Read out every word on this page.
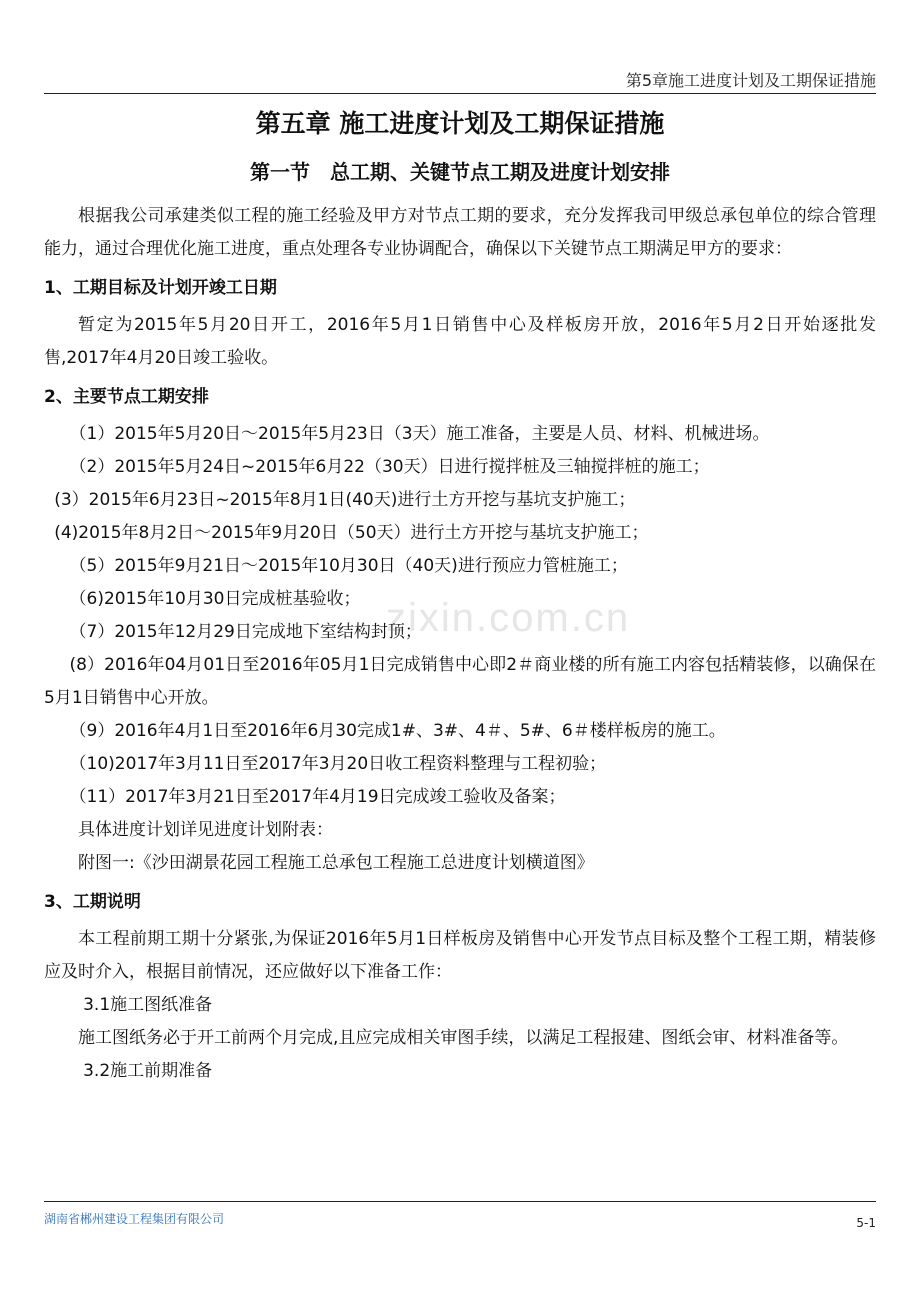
第5章施工进度计划及工期保证措施
zixin.com.cn
第五章 施工进度计划及工期保证措施
第一节　总工期、关键节点工期及进度计划安排

根据我公司承建类似工程的施工经验及甲方对节点工期的要求，充分发挥我司甲级总承包单位的综合管理能力，通过合理优化施工进度，重点处理各专业协调配合，确保以下关键节点工期满足甲方的要求：

1、工期目标及计划开竣工日期

暂定为2015年5月20日开工，2016年5月1日销售中心及样板房开放，2016年5月2日开始逐批发售,2017年4月20日竣工验收。

2、主要节点工期安排

（1）2015年5月20日～2015年5月23日（3天）施工准备，主要是人员、材料、机械进场。

（2）2015年5月24日~2015年6月22（30天）日进行搅拌桩及三轴搅拌桩的施工；

(3）2015年6月23日~2015年8月1日(40天)进行土方开挖与基坑支护施工；

(4)2015年8月2日～2015年9月20日（50天）进行土方开挖与基坑支护施工；

（5）2015年9月21日～2015年10月30日（40天)进行预应力管桩施工；

（6)2015年10月30日完成桩基验收；

（7）2015年12月29日完成地下室结构封顶；

(8）2016年04月01日至2016年05月1日完成销售中心即2＃商业楼的所有施工内容包括精装修，以确保在5月1日销售中心开放。

（9）2016年4月1日至2016年6月30完成1#、3#、4＃、5#、6＃楼样板房的施工。

（10)2017年3月11日至2017年3月20日收工程资料整理与工程初验；

（11）2017年3月21日至2017年4月19日完成竣工验收及备案；

具体进度计划详见进度计划附表：

附图一:《沙田湖景花园工程施工总承包工程施工总进度计划横道图》

3、工期说明

本工程前期工期十分紧张,为保证2016年5月1日样板房及销售中心开发节点目标及整个工程工期，精装修应及时介入，根据目前情况，还应做好以下准备工作：

3.1施工图纸准备

施工图纸务必于开工前两个月完成,且应完成相关审图手续，以满足工程报建、图纸会审、材料准备等。

3.2施工前期准备

湖南省郴州建设工程集团有限公司	5-1
